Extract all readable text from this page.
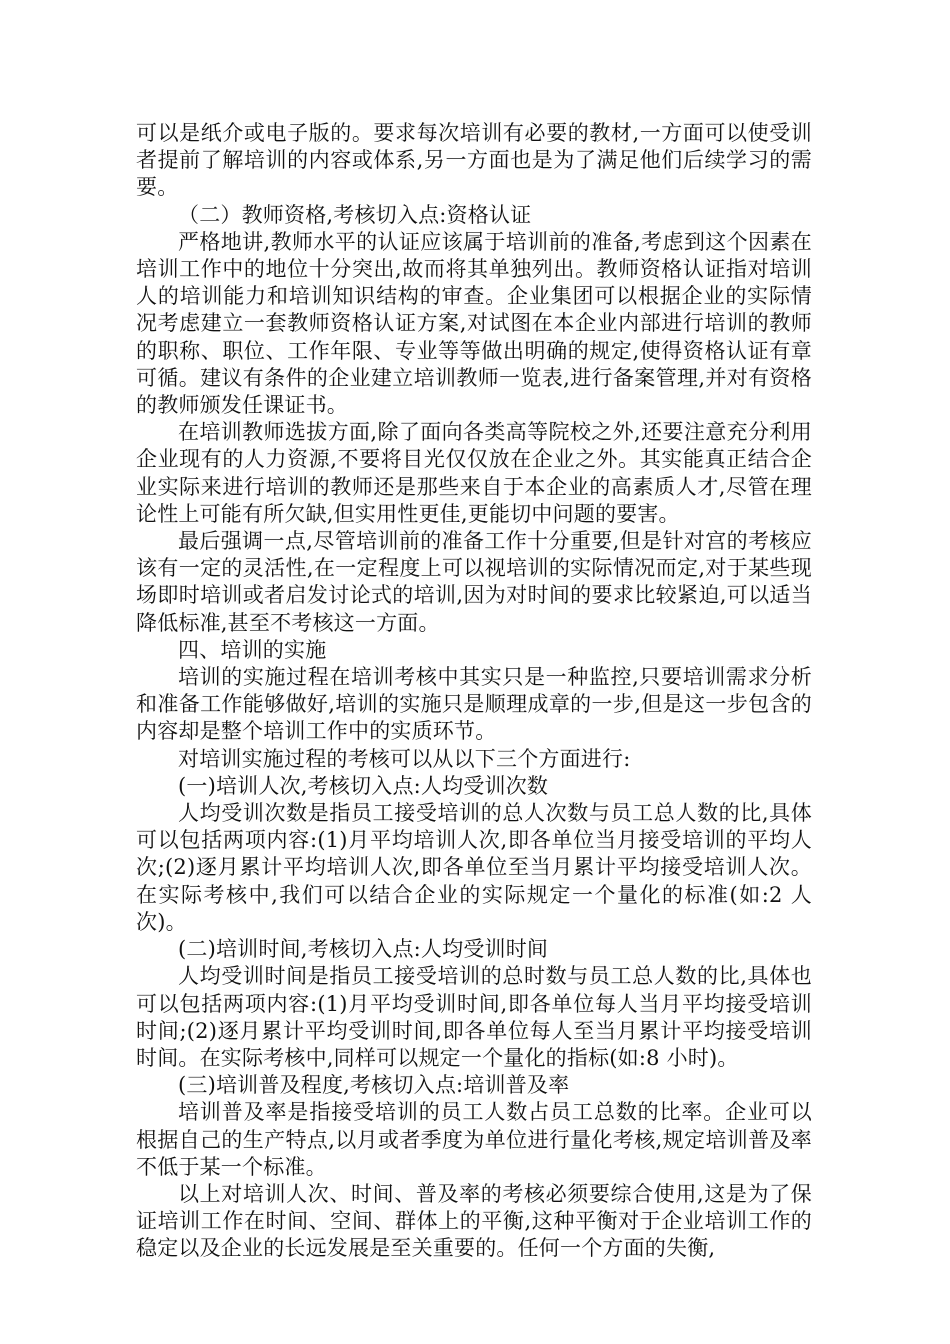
可以是纸介或电子版的。要求每次培训有必要的教材,一方面可以使受训者提前了解培训的内容或体系,另一方面也是为了满足他们后续学习的需要。

（二）教师资格,考核切入点:资格认证

严格地讲,教师水平的认证应该属于培训前的准备,考虑到这个因素在培训工作中的地位十分突出,故而将其单独列出。教师资格认证指对培训人的培训能力和培训知识结构的审查。企业集团可以根据企业的实际情况考虑建立一套教师资格认证方案,对试图在本企业内部进行培训的教师的职称、职位、工作年限、专业等等做出明确的规定,使得资格认证有章可循。建议有条件的企业建立培训教师一览表,进行备案管理,并对有资格的教师颁发任课证书。

在培训教师选拔方面,除了面向各类高等院校之外,还要注意充分利用企业现有的人力资源,不要将目光仅仅放在企业之外。其实能真正结合企业实际来进行培训的教师还是那些来自于本企业的高素质人才,尽管在理论性上可能有所欠缺,但实用性更佳,更能切中问题的要害。

最后强调一点,尽管培训前的准备工作十分重要,但是针对宫的考核应该有一定的灵活性,在一定程度上可以视培训的实际情况而定,对于某些现场即时培训或者启发讨论式的培训,因为对时间的要求比较紧迫,可以适当降低标准,甚至不考核这一方面。

四、培训的实施

培训的实施过程在培训考核中其实只是一种监控,只要培训需求分析和准备工作能够做好,培训的实施只是顺理成章的一步,但是这一步包含的内容却是整个培训工作中的实质环节。

对培训实施过程的考核可以从以下三个方面进行:

(一)培训人次,考核切入点:人均受训次数

人均受训次数是指员工接受培训的总人次数与员工总人数的比,具体可以包括两项内容:(1)月平均培训人次,即各单位当月接受培训的平均人次;(2)逐月累计平均培训人次,即各单位至当月累计平均接受培训人次。在实际考核中,我们可以结合企业的实际规定一个量化的标准(如:2 人次)。

(二)培训时间,考核切入点:人均受训时间

人均受训时间是指员工接受培训的总时数与员工总人数的比,具体也可以包括两项内容:(1)月平均受训时间,即各单位每人当月平均接受培训时间;(2)逐月累计平均受训时间,即各单位每人至当月累计平均接受培训时间。在实际考核中,同样可以规定一个量化的指标(如:8 小时)。

(三)培训普及程度,考核切入点:培训普及率

培训普及率是指接受培训的员工人数占员工总数的比率。企业可以根据自己的生产特点,以月或者季度为单位进行量化考核,规定培训普及率不低于某一个标准。

以上对培训人次、时间、普及率的考核必须要综合使用,这是为了保证培训工作在时间、空间、群体上的平衡,这种平衡对于企业培训工作的稳定以及企业的长远发展是至关重要的。任何一个方面的失衡,
